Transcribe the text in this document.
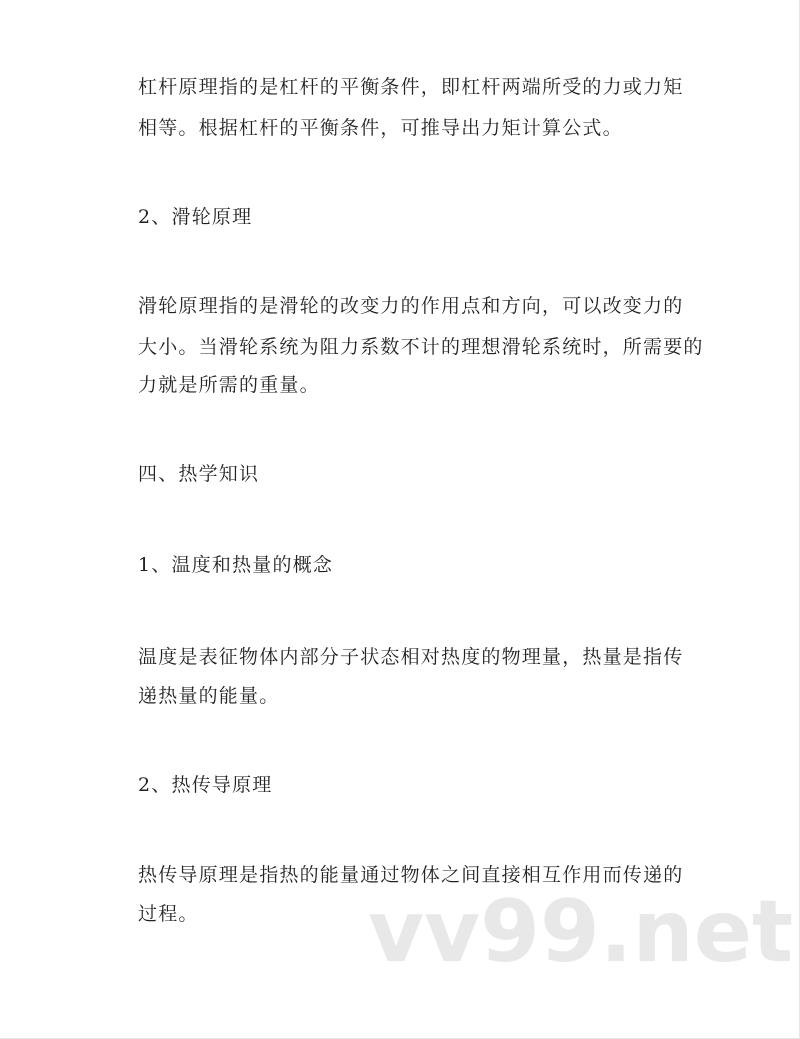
杠杆原理指的是杠杆的平衡条件，即杠杆两端所受的力或力矩
相等。根据杠杆的平衡条件，可推导出力矩计算公式。
2、滑轮原理
滑轮原理指的是滑轮的改变力的作用点和方向，可以改变力的
大小。当滑轮系统为阻力系数不计的理想滑轮系统时，所需要的
力就是所需的重量。
四、热学知识
1、温度和热量的概念
温度是表征物体内部分子状态相对热度的物理量，热量是指传
递热量的能量。
2、热传导原理
热传导原理是指热的能量通过物体之间直接相互作用而传递的
过程。	vv99.net
